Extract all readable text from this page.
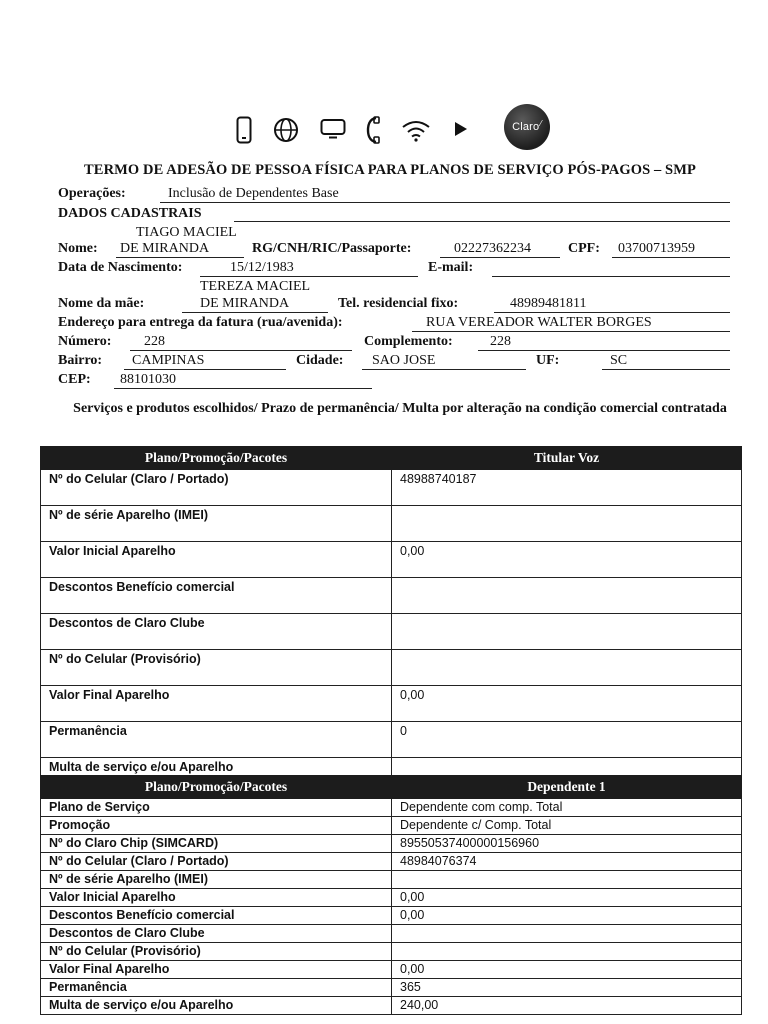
Claro ⁄
TERMO DE ADESÃO DE PESSOA FÍSICA PARA PLANOS DE SERVIÇO PÓS-PAGOS – SMP
Operações:	Inclusão de Dependentes Base
DADOS CADASTRAIS
TIAGO MACIEL
Nome: DE MIRANDA	RG/CNH/RIC/Passaporte:	02227362234	CPF: 03700713959
Data de Nascimento:	15/12/1983	E-mail:
TEREZA MACIEL
Nome da mãe:	DE MIRANDA	Tel. residencial fixo:	48989481811
Endereço para entrega da fatura (rua/avenida):	RUA VEREADOR WALTER BORGES
Número: 228	Complemento:	228
Bairro: CAMPINAS	Cidade: SAO JOSE	UF:	SC
CEP: 88101030
Serviços e produtos escolhidos/ Prazo de permanência/ Multa por alteração na condição comercial contratada
Plano/Promoção/Pacotes	Titular Voz
Nº do Celular (Claro / Portado)	48988740187
Nº de série Aparelho (IMEI)	
Valor Inicial Aparelho	0,00
Descontos Benefício comercial	
Descontos de Claro Clube	
Nº do Celular (Provisório)	
Valor Final Aparelho	0,00
Permanência	0
Multa de serviço e/ou Aparelho	
Plano/Promoção/Pacotes	Dependente 1
Plano de Serviço	Dependente com comp. Total
Promoção	Dependente c/ Comp. Total
Nº do Claro Chip (SIMCARD)	89550537400000156960
Nº do Celular (Claro / Portado)	48984076374
Nº de série Aparelho (IMEI)	
Valor Inicial Aparelho	0,00
Descontos Benefício comercial	0,00
Descontos de Claro Clube	
Nº do Celular (Provisório)	
Valor Final Aparelho	0,00
Permanência	365
Multa de serviço e/ou Aparelho	240,00
